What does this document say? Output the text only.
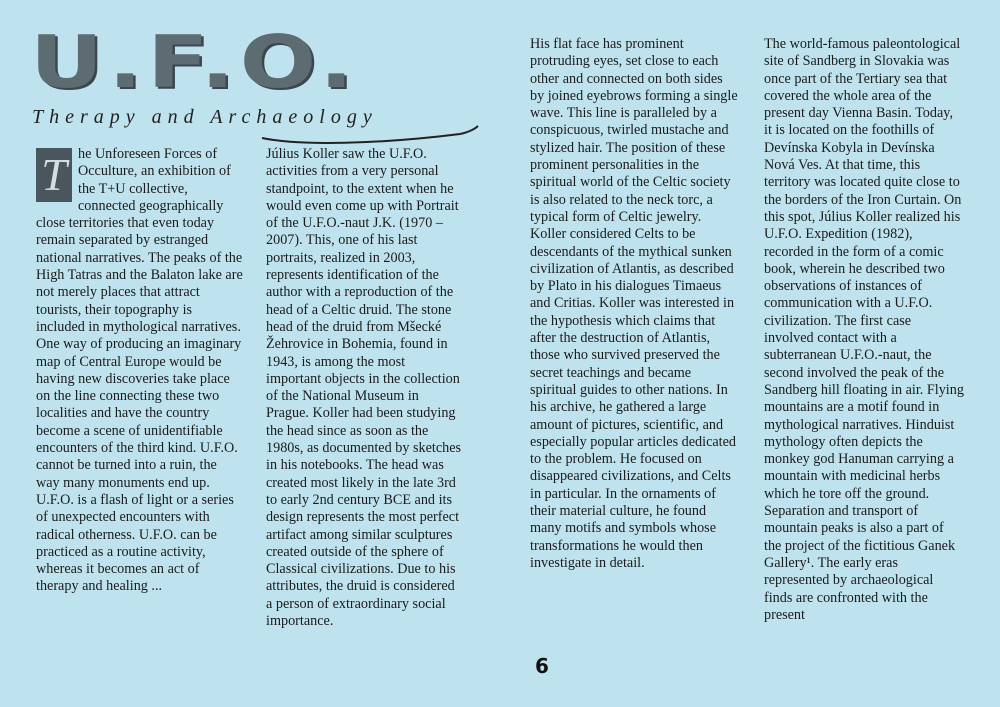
U.F.O.
Therapy and Archaeology
T he Unforeseen Forces of Occulture, an exhibition of the T+U collective, connected geographically close territories that even today remain separated by estranged national narratives. The peaks of the High Tatras and the Balaton lake are not merely places that attract tourists, their topography is included in mythological narratives. One way of producing an imaginary map of Central Europe would be having new discoveries take place on the line connecting these two localities and have the country become a scene of unidentifiable encounters of the third kind. U.F.O. cannot be turned into a ruin, the way many monuments end up. U.F.O. is a flash of light or a series of unexpected encounters with radical otherness. U.F.O. can be practiced as a routine activity, whereas it becomes an act of therapy and healing ...
Július Koller saw the U.F.O. activities from a very personal standpoint, to the extent when he would even come up with Portrait of the U.F.O.-naut J.K. (1970 – 2007). This, one of his last portraits, realized in 2003, represents identification of the author with a reproduction of the head of a Celtic druid. The stone head of the druid from Mšecké Žehrovice in Bohemia, found in 1943, is among the most important objects in the collection of the National Museum in Prague. Koller had been studying the head since as soon as the 1980s, as documented by sketches in his notebooks. The head was created most likely in the late 3rd to early 2nd century BCE and its design represents the most perfect artifact among similar sculptures created outside of the sphere of Classical civilizations. Due to his attributes, the druid is considered a person of extraordinary social importance.
His flat face has prominent protruding eyes, set close to each other and connected on both sides by joined eyebrows forming a single wave. This line is paralleled by a conspicuous, twirled mustache and stylized hair. The position of these prominent personalities in the spiritual world of the Celtic society is also related to the neck torc, a typical form of Celtic jewelry. Koller considered Celts to be descendants of the mythical sunken civilization of Atlantis, as described by Plato in his dialogues Timaeus and Critias. Koller was interested in the hypothesis which claims that after the destruction of Atlantis, those who survived preserved the secret teachings and became spiritual guides to other nations. In his archive, he gathered a large amount of pictures, scientific, and especially popular articles dedicated to the problem. He focused on disappeared civilizations, and Celts in particular. In the ornaments of their material culture, he found many motifs and symbols whose transformations he would then investigate in detail.
The world-famous paleontological site of Sandberg in Slovakia was once part of the Tertiary sea that covered the whole area of the present day Vienna Basin. Today, it is located on the foothills of Devínska Kobyla in Devínska Nová Ves. At that time, this territory was located quite close to the borders of the Iron Curtain. On this spot, Július Koller realized his U.F.O. Expedition (1982), recorded in the form of a comic book, wherein he described two observations of instances of communication with a U.F.O. civilization. The first case involved contact with a subterranean U.F.O.-naut, the second involved the peak of the Sandberg hill floating in air. Flying mountains are a motif found in mythological narratives. Hinduist mythology often depicts the monkey god Hanuman carrying a mountain with medicinal herbs which he tore off the ground. Separation and transport of mountain peaks is also a part of the project of the fictitious Ganek Gallery¹. The early eras represented by archaeological finds are confronted with the present
6
